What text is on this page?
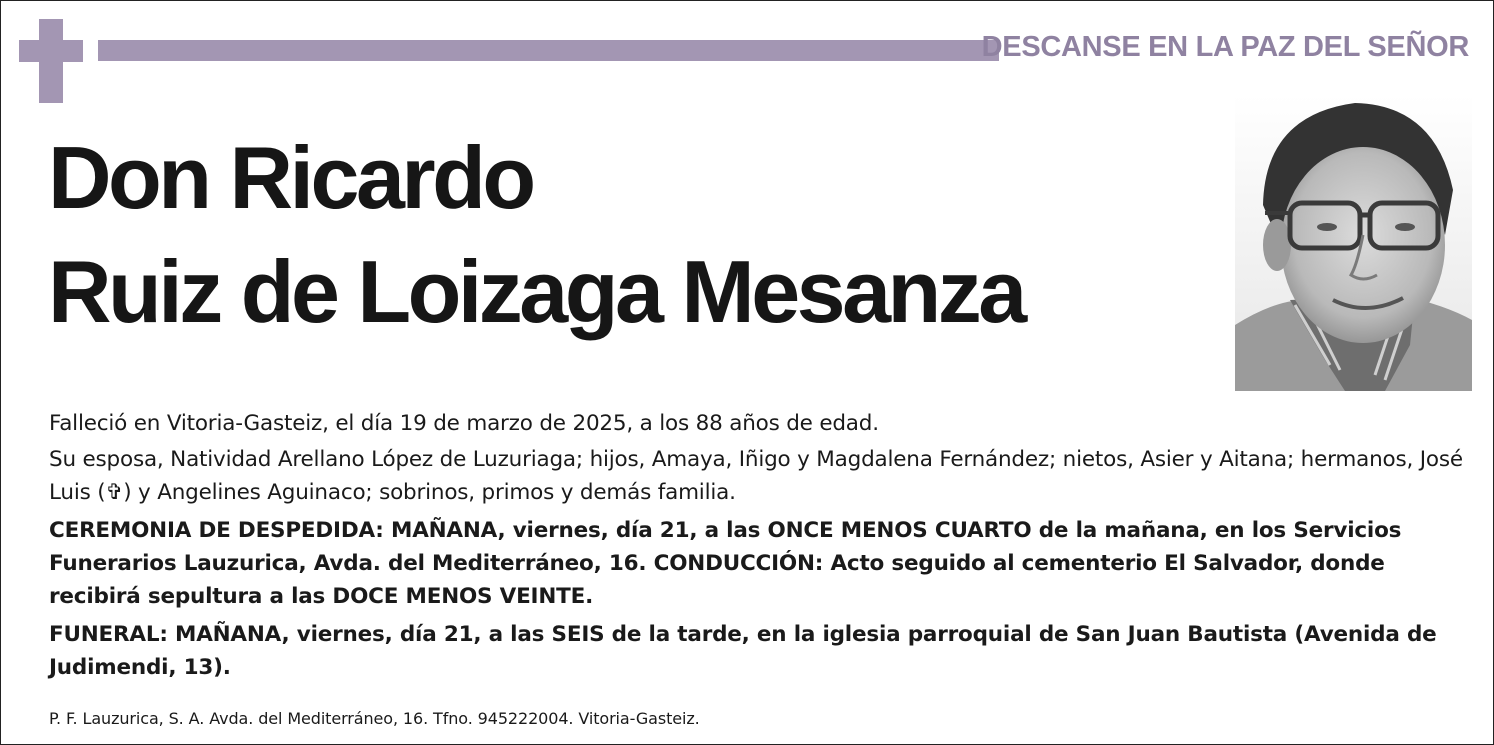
DESCANSE EN LA PAZ DEL SEÑOR
Don Ricardo
Ruiz de Loizaga Mesanza

Falleció en Vitoria-Gasteiz, el día 19 de marzo de 2025, a los 88 años de edad.

Su esposa, Natividad Arellano López de Luzuriaga; hijos, Amaya, Iñigo y Magdalena Fernández; nietos, Asier y Aitana; hermanos, José Luis (✞) y Angelines Aguinaco; sobrinos, primos y demás familia.

CEREMONIA DE DESPEDIDA: MAÑANA, viernes, día 21, a las ONCE MENOS CUARTO de la mañana, en los Servicios Funerarios Lauzurica, Avda. del Mediterráneo, 16. CONDUCCIÓN: Acto seguido al cementerio El Salvador, donde recibirá sepultura a las DOCE MENOS VEINTE.

FUNERAL: MAÑANA, viernes, día 21, a las SEIS de la tarde, en la iglesia parroquial de San Juan Bautista (Avenida de Judimendi, 13).

P. F. Lauzurica, S. A. Avda. del Mediterráneo, 16. Tfno. 945222004. Vitoria-Gasteiz.
